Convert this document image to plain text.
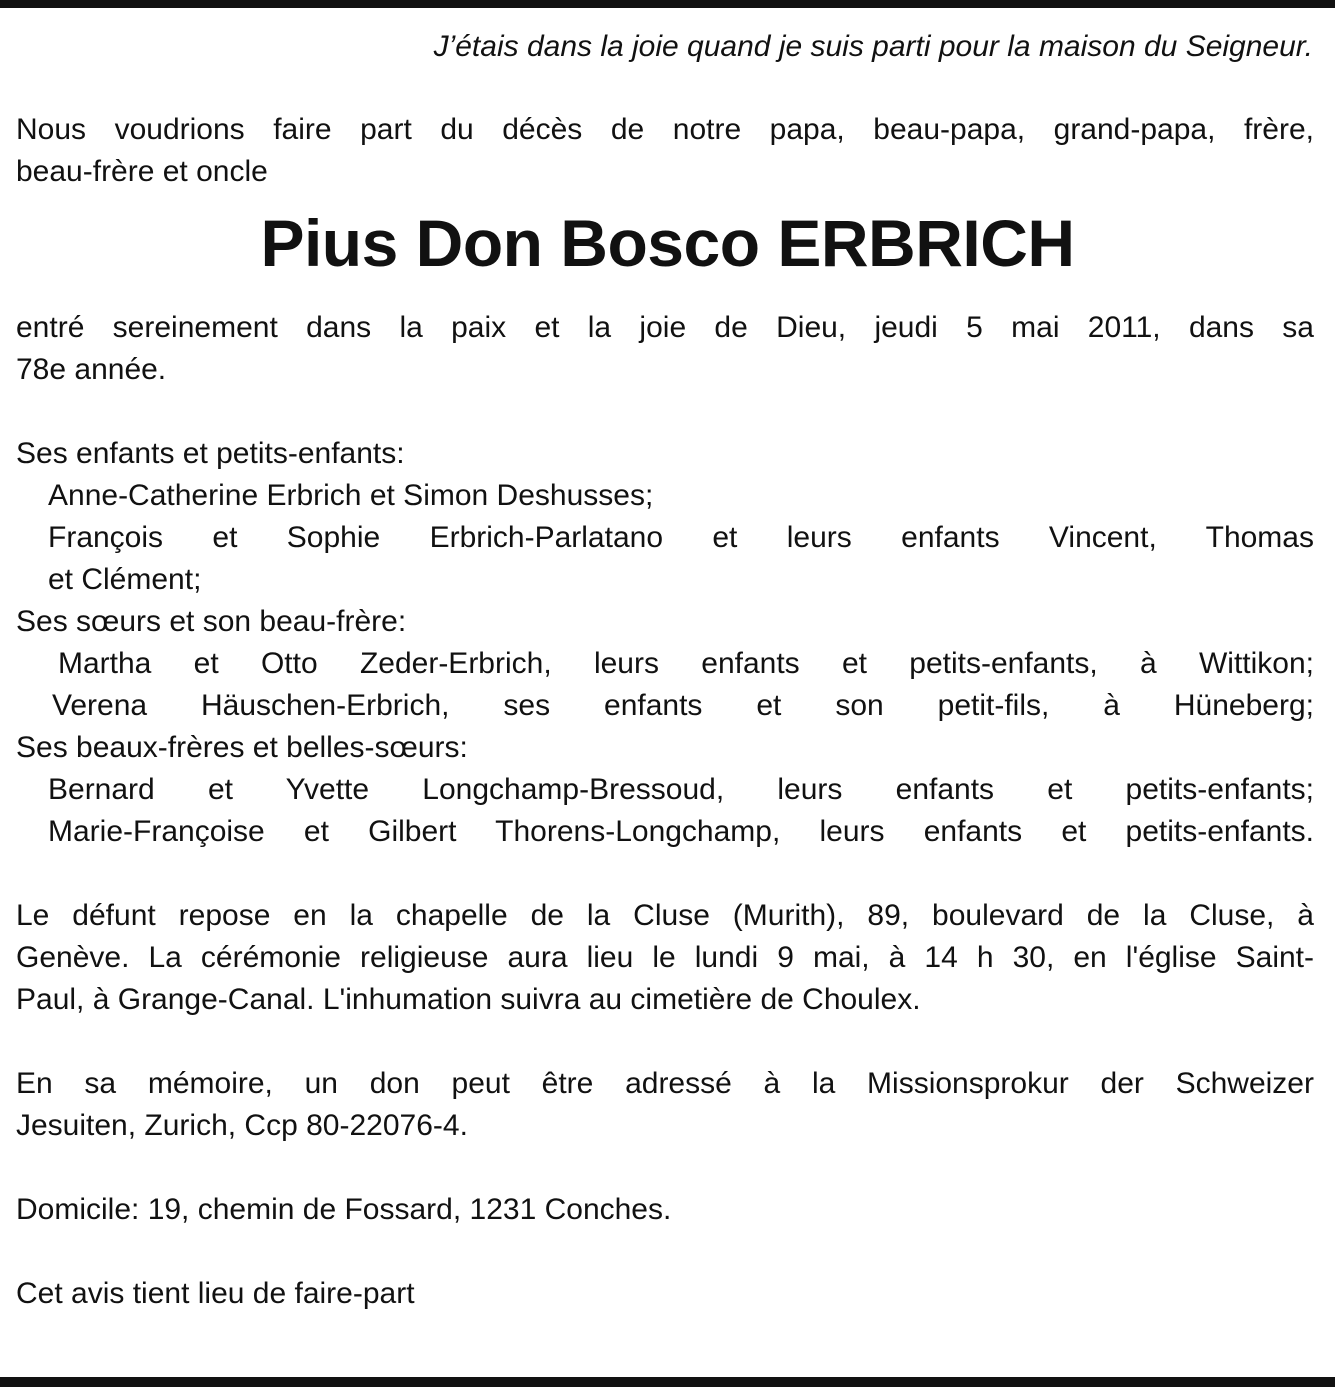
J’étais dans la joie quand je suis parti pour la maison du Seigneur.
Nous voudrions faire part du décès de notre papa, beau-papa, grand-papa, frère,
beau-frère et oncle
Pius Don Bosco ERBRICH
entré sereinement dans la paix et la joie de Dieu, jeudi 5 mai 2011, dans sa
78e année.
Ses enfants et petits-enfants:
Anne-Catherine Erbrich et Simon Deshusses;
François et Sophie Erbrich-Parlatano et leurs enfants Vincent, Thomas
et Clément;
Ses sœurs et son beau-frère:
Martha et Otto Zeder-Erbrich, leurs enfants et petits-enfants, à Wittikon;
Verena Häuschen-Erbrich, ses enfants et son petit-fils, à Hüneberg;
Ses beaux-frères et belles-sœurs:
Bernard et Yvette Longchamp-Bressoud, leurs enfants et petits-enfants;
Marie-Françoise et Gilbert Thorens-Longchamp, leurs enfants et petits-enfants.
Le défunt repose en la chapelle de la Cluse (Murith), 89, boulevard de la Cluse, à
Genève. La cérémonie religieuse aura lieu le lundi 9 mai, à 14 h 30, en l'église Saint-
Paul, à Grange-Canal. L'inhumation suivra au cimetière de Choulex.
En sa mémoire, un don peut être adressé à la Missionsprokur der Schweizer
Jesuiten, Zurich, Ccp 80-22076-4.
Domicile: 19, chemin de Fossard, 1231 Conches.
Cet avis tient lieu de faire-part
